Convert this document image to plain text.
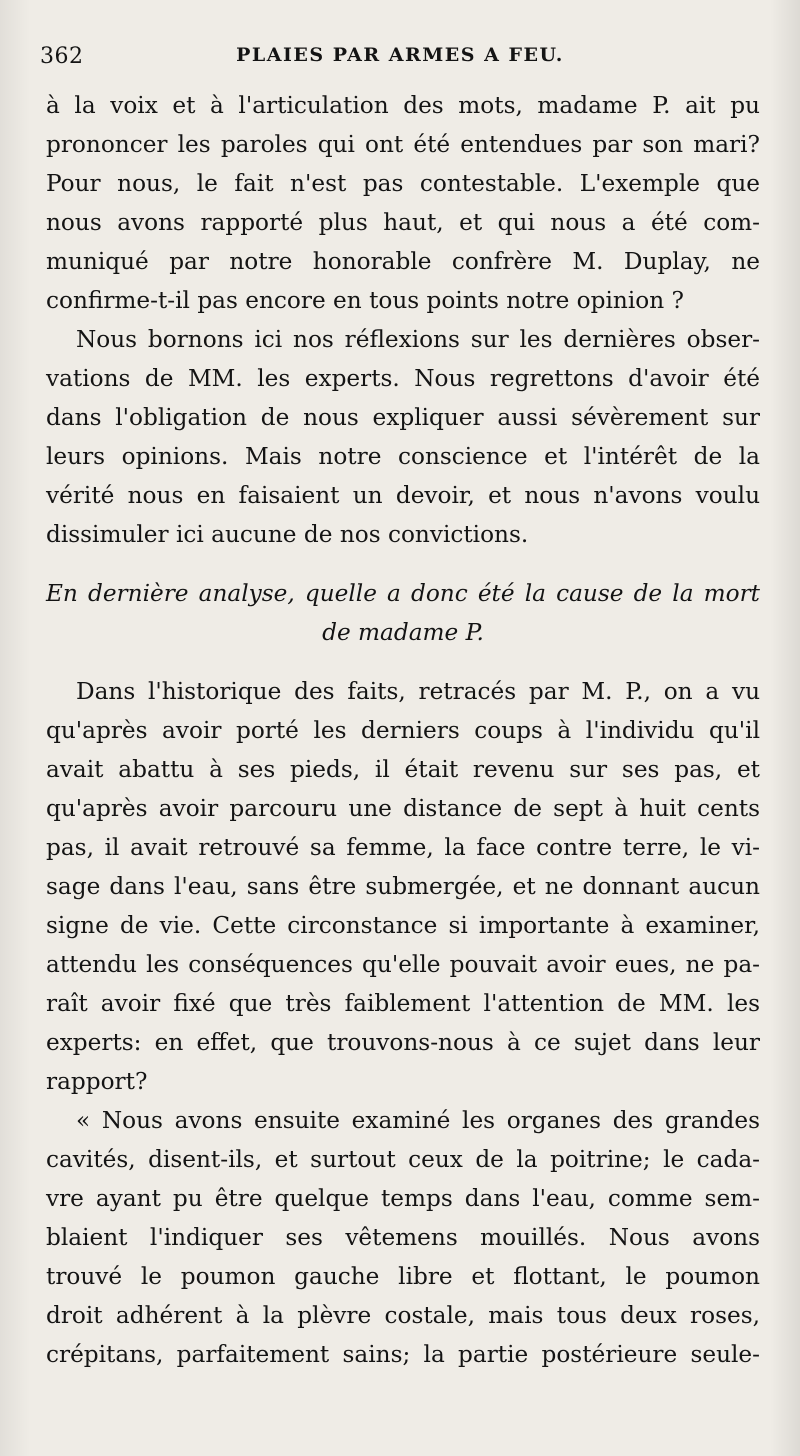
362	PLAIES PAR ARMES A FEU.
à la voix et à l'articulation des mots, madame P. ait pu
prononcer les paroles qui ont été entendues par son mari?
Pour nous, le fait n'est pas contestable. L'exemple que
nous avons rapporté plus haut, et qui nous a été com-
muniqué par notre honorable confrère M. Duplay, ne
confirme-t-il pas encore en tous points notre opinion ?
Nous bornons ici nos réflexions sur les dernières obser-
vations de MM. les experts. Nous regrettons d'avoir été
dans l'obligation de nous expliquer aussi sévèrement sur
leurs opinions. Mais notre conscience et l'intérêt de la
vérité nous en faisaient un devoir, et nous n'avons voulu
dissimuler ici aucune de nos convictions.
En dernière analyse, quelle a donc été la cause de la mort
de madame P.
Dans l'historique des faits, retracés par M. P., on a vu
qu'après avoir porté les derniers coups à l'individu qu'il
avait abattu à ses pieds, il était revenu sur ses pas, et
qu'après avoir parcouru une distance de sept à huit cents
pas, il avait retrouvé sa femme, la face contre terre, le vi-
sage dans l'eau, sans être submergée, et ne donnant aucun
signe de vie. Cette circonstance si importante à examiner,
attendu les conséquences qu'elle pouvait avoir eues, ne pa-
raît avoir fixé que très faiblement l'attention de MM. les
experts: en effet, que trouvons-nous à ce sujet dans leur
rapport?
« Nous avons ensuite examiné les organes des grandes
cavités, disent-ils, et surtout ceux de la poitrine; le cada-
vre ayant pu être quelque temps dans l'eau, comme sem-
blaient l'indiquer ses vêtemens mouillés. Nous avons
trouvé le poumon gauche libre et flottant, le poumon
droit adhérent à la plèvre costale, mais tous deux roses,
crépitans, parfaitement sains; la partie postérieure seule-
